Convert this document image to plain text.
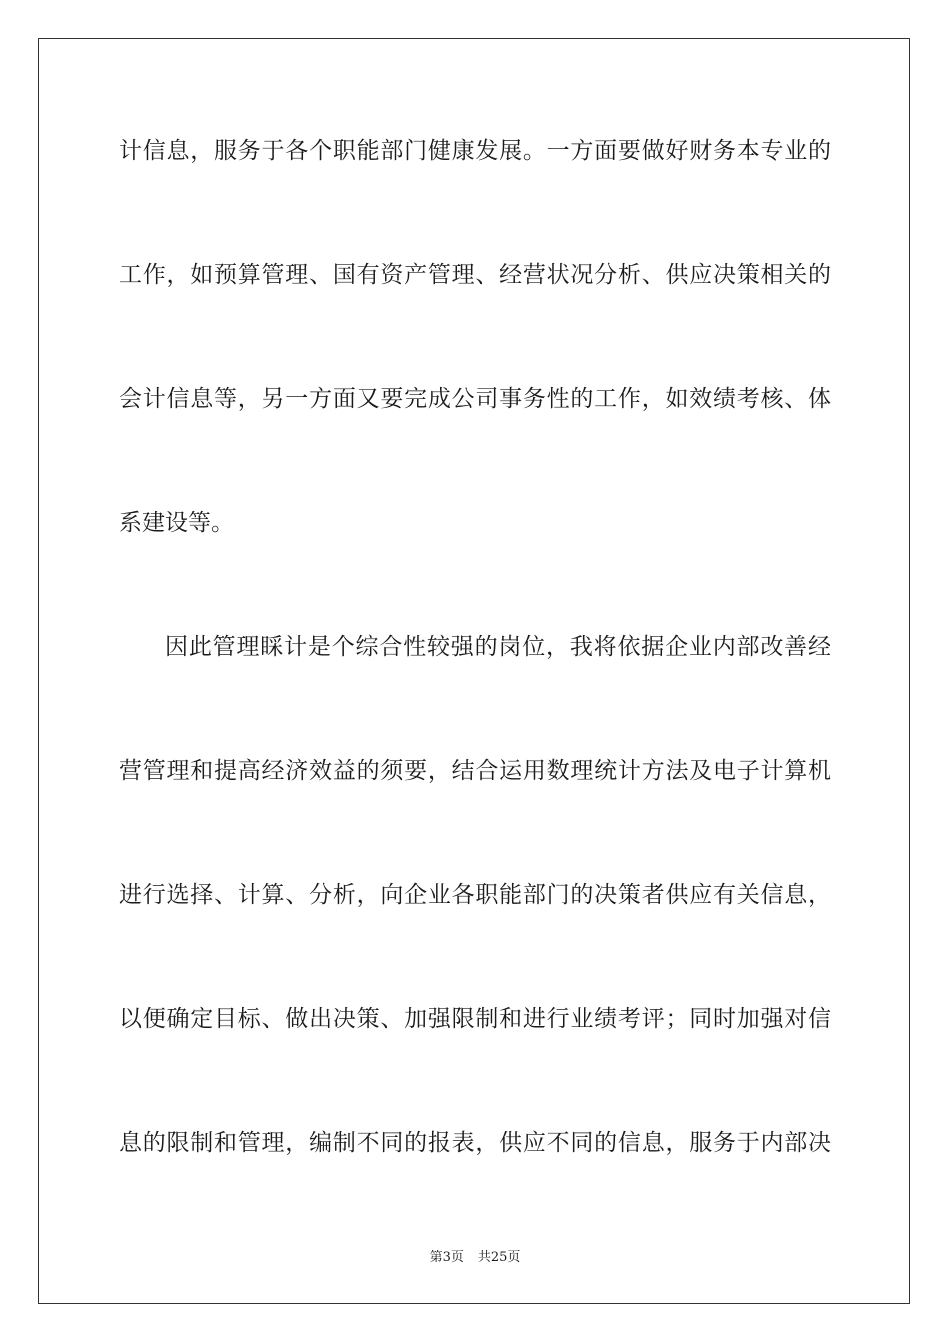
计信息，服务于各个职能部门健康发展。一方面要做好财务本专业的
工作，如预算管理、国有资产管理、经营状况分析、供应决策相关的
会计信息等，另一方面又要完成公司事务性的工作，如效绩考核、体
系建设等。
因此管理睬计是个综合性较强的岗位，我将依据企业内部改善经
营管理和提高经济效益的须要，结合运用数理统计方法及电子计算机
进行选择、计算、分析，向企业各职能部门的决策者供应有关信息，
以便确定目标、做出决策、加强限制和进行业绩考评；同时加强对信
息的限制和管理，编制不同的报表，供应不同的信息，服务于内部决
第3页 共25页
